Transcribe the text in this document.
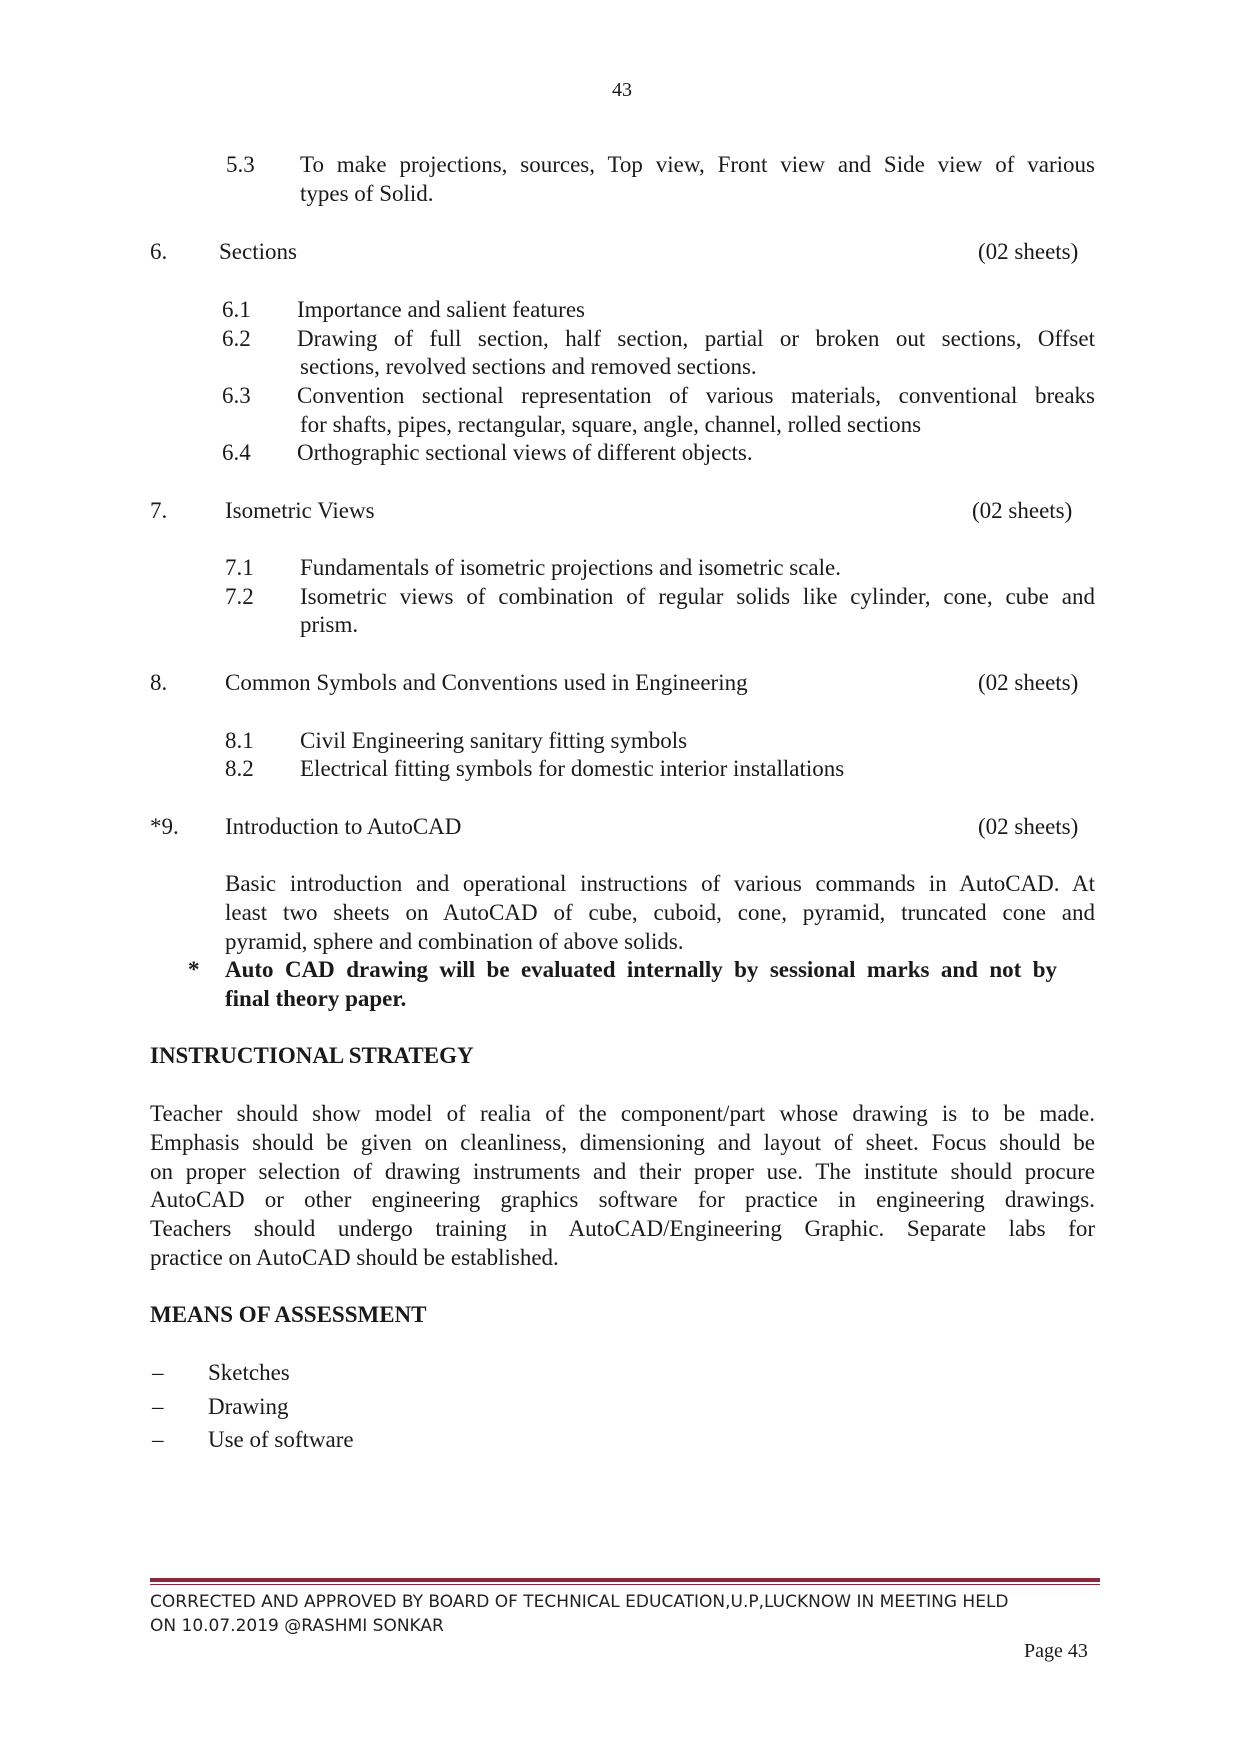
43
5.3 To make projections, sources, Top view, Front view and Side view of various
types of Solid.
6. Sections	(02 sheets)
6.1 Importance and salient features
6.2 Drawing of full section, half section, partial or broken out sections, Offset
sections, revolved sections and removed sections.
6.3 Convention sectional representation of various materials, conventional breaks
for shafts, pipes, rectangular, square, angle, channel, rolled sections
6.4 Orthographic sectional views of different objects.
7.	Isometric Views	(02 sheets)
7.1 Fundamentals of isometric projections and isometric scale.
7.2 Isometric views of combination of regular solids like cylinder, cone, cube and
prism.
8.	Common Symbols and Conventions used in Engineering	(02 sheets)
8.1 Civil Engineering sanitary fitting symbols
8.2 Electrical fitting symbols for domestic interior installations
*9. Introduction to AutoCAD	(02 sheets)
Basic introduction and operational instructions of various commands in AutoCAD. At
least two sheets on AutoCAD of cube, cuboid, cone, pyramid, truncated cone and
pyramid, sphere and combination of above solids.
* Auto CAD drawing will be evaluated internally by sessional marks and not by
final theory paper.
INSTRUCTIONAL STRATEGY
Teacher should show model of realia of the component/part whose drawing is to be made.
Emphasis should be given on cleanliness, dimensioning and layout of sheet. Focus should be
on proper selection of drawing instruments and their proper use. The institute should procure
AutoCAD or other engineering graphics software for practice in engineering drawings.
Teachers should undergo training in AutoCAD/Engineering Graphic. Separate labs for
practice on AutoCAD should be established.
MEANS OF ASSESSMENT
– Sketches
– Drawing
– Use of software
CORRECTED AND APPROVED BY BOARD OF TECHNICAL EDUCATION,U.P,LUCKNOW IN MEETING HELD
ON 10.07.2019 @RASHMI SONKAR
Page 43
